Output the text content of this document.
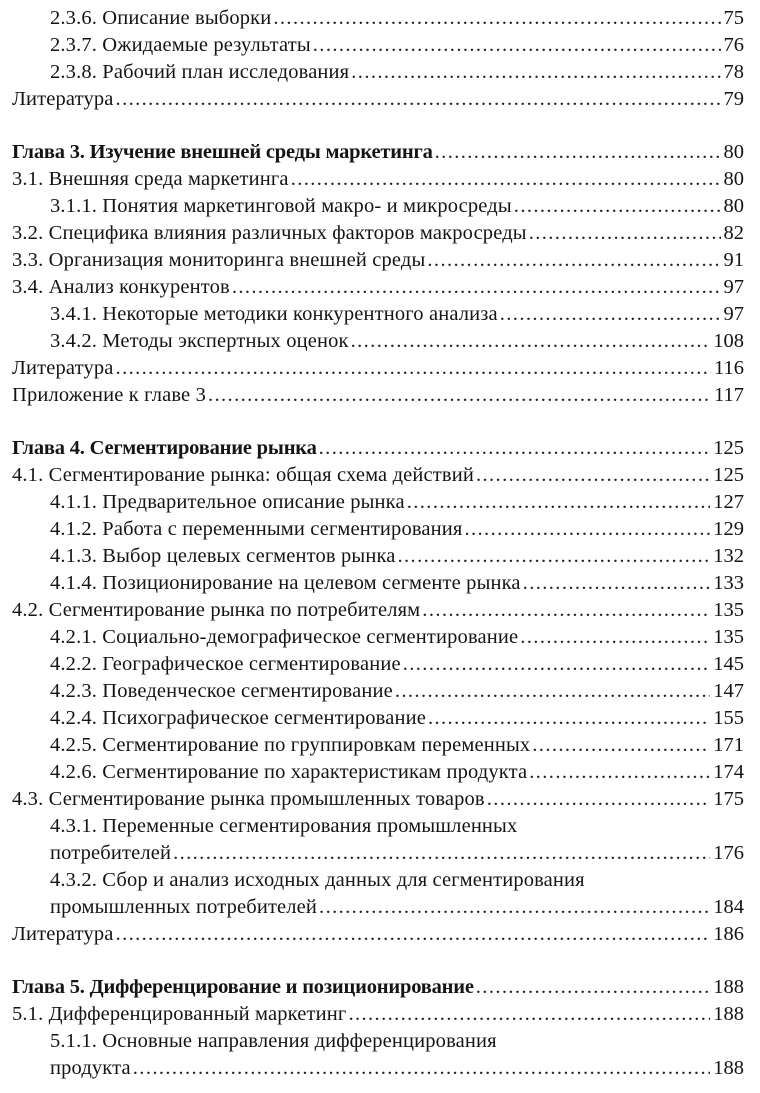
2.3.6. Описание выборки .....	75
2.3.7. Ожидаемые результаты .....	76
2.3.8. Рабочий план исследования .....	78
Литература .....	79
Глава 3. Изучение внешней среды маркетинга .....	80
3.1. Внешняя среда маркетинга .....	80
3.1.1. Понятия маркетинговой макро- и микросреды .....	80
3.2. Специфика влияния различных факторов макросреды .....	82
3.3. Организация мониторинга внешней среды .....	91
3.4. Анализ конкурентов .....	97
3.4.1. Некоторые методики конкурентного анализа .....	97
3.4.2. Методы экспертных оценок .....	108
Литература .....	116
Приложение к главе 3 .....	117
Глава 4. Сегментирование рынка .....	125
4.1. Сегментирование рынка: общая схема действий .....	125
4.1.1. Предварительное описание рынка .....	127
4.1.2. Работа с переменными сегментирования .....	129
4.1.3. Выбор целевых сегментов рынка .....	132
4.1.4. Позиционирование на целевом сегменте рынка .....	133
4.2. Сегментирование рынка по потребителям .....	135
4.2.1. Социально-демографическое сегментирование .....	135
4.2.2. Географическое сегментирование .....	145
4.2.3. Поведенческое сегментирование .....	147
4.2.4. Психографическое сегментирование .....	155
4.2.5. Сегментирование по группировкам переменных .....	171
4.2.6. Сегментирование по характеристикам продукта .....	174
4.3. Сегментирование рынка промышленных товаров .....	175
4.3.1. Переменные сегментирования промышленных
потребителей .....	176
4.3.2. Сбор и анализ исходных данных для сегментирования
промышленных потребителей .....	184
Литература .....	186
Глава 5. Дифференцирование и позиционирование .....	188
5.1. Дифференцированный маркетинг .....	188
5.1.1. Основные направления дифференцирования
продукта .....	188
